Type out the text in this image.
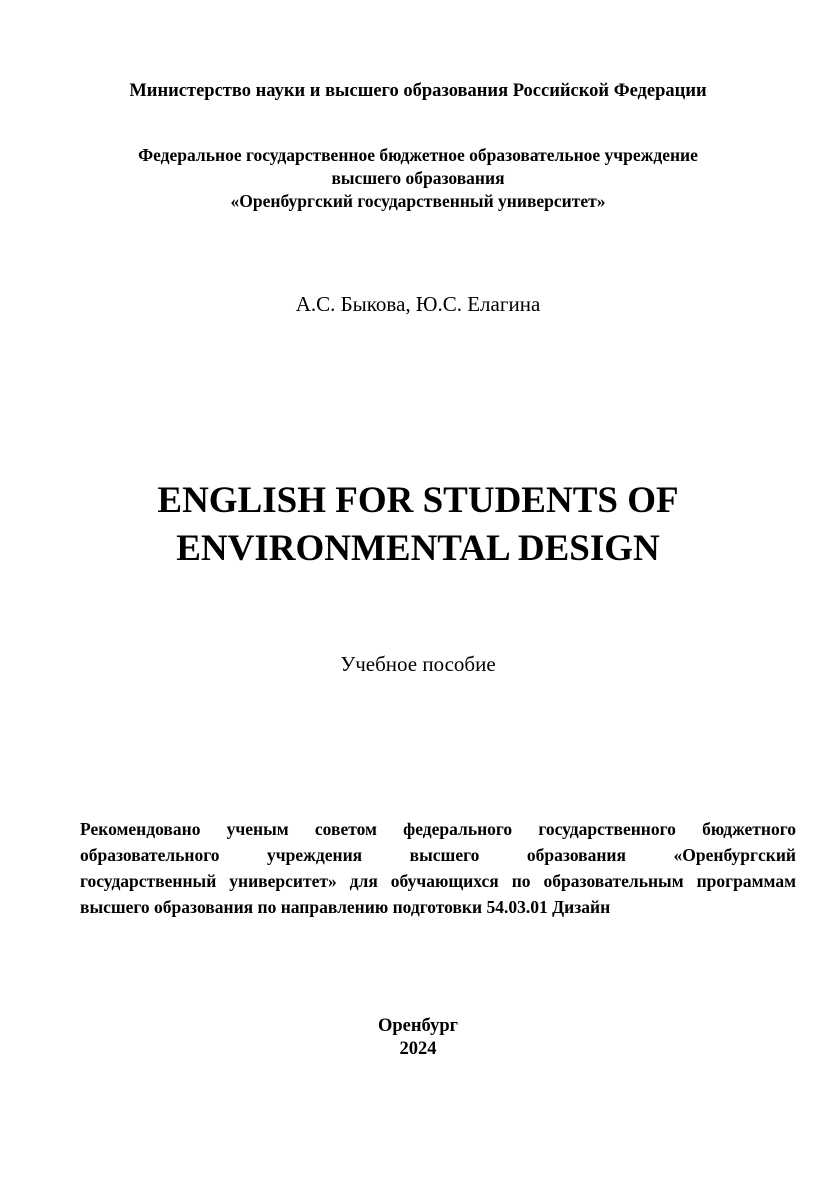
Министерство науки и высшего образования Российской Федерации
Федеральное государственное бюджетное образовательное учреждение
высшего образования
«Оренбургский государственный университет»
А.С. Быкова, Ю.С. Елагина
ENGLISH FOR STUDENTS OF
ENVIRONMENTAL DESIGN
Учебное пособие
Рекомендовано ученым советом федерального государственного бюджетного
образовательного учреждения высшего образования «Оренбургский
государственный университет» для обучающихся по образовательным программам
высшего образования по направлению подготовки 54.03.01 Дизайн
Оренбург
2024
